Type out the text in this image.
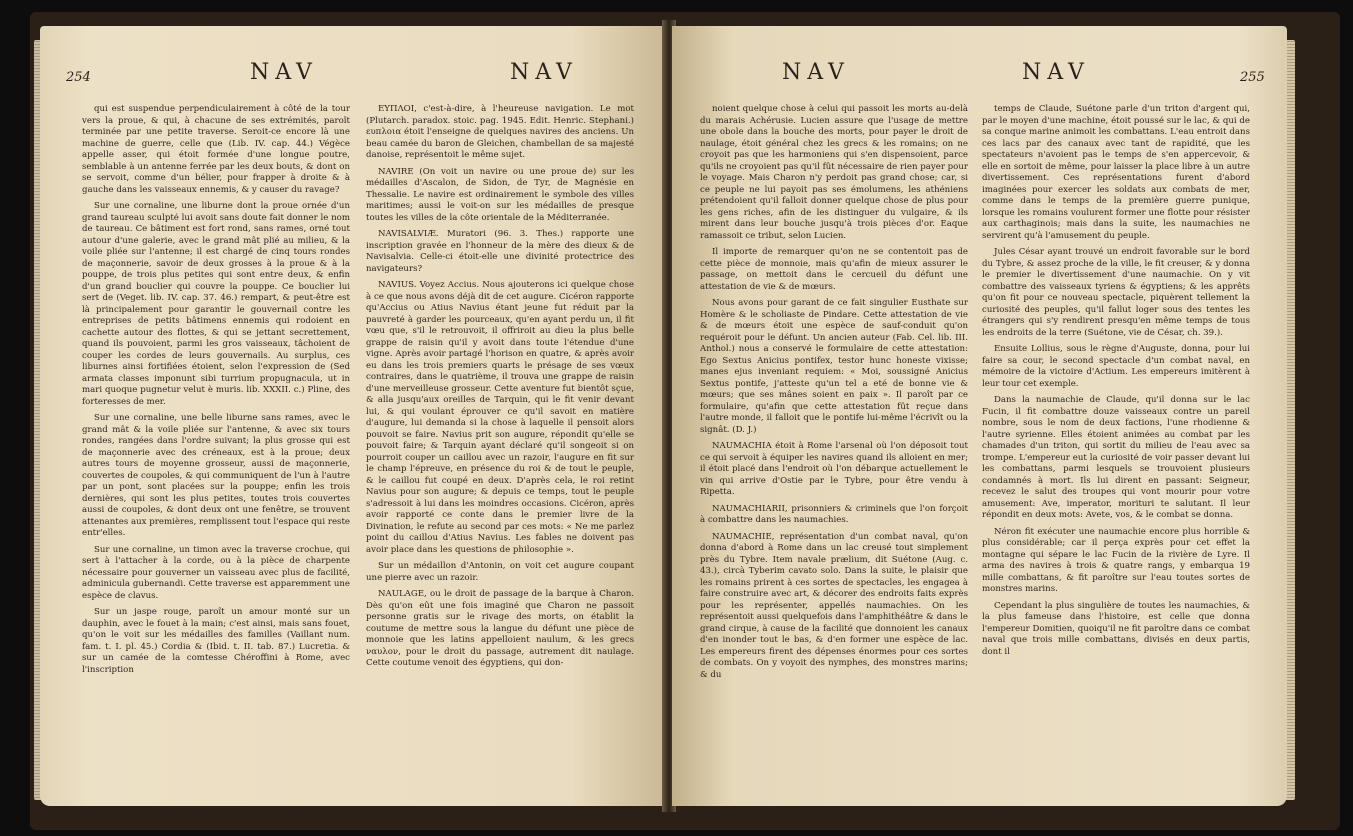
254	NAV	NAV

qui est suspendue perpendiculairement à côté de la tour vers la proue, & qui, à chacune de ses extrémités, paroît terminée par une petite traverse. Seroit-ce encore là une machine de guerre, celle que (Lib. IV. cap. 44.) Végèce appelle asser, qui étoit formée d'une longue poutre, semblable à un antenne ferrée par les deux bouts, & dont on se servoit, comme d'un bélier, pour frapper à droite & à gauche dans les vaisseaux ennemis, & y causer du ravage?

Sur une cornaline, une liburne dont la proue ornée d'un grand taureau sculpté lui avoit sans doute fait donner le nom de taureau. Ce bâtiment est fort rond, sans rames, orné tout autour d'une galerie, avec le grand mât plié au milieu, & la voile pliée sur l'antenne; il est chargé de cinq tours rondes de maçonnerie, savoir de deux grosses à la proue & à la pouppe, de trois plus petites qui sont entre deux, & enfin d'un grand bouclier qui couvre la pouppe. Ce bouclier lui sert de (Veget. lib. IV. cap. 37. 46.) rempart, & peut-être est là principalement pour garantir le gouvernail contre les entreprises de petits bâtimens ennemis qui rodoient en cachette autour des flottes, & qui se jettant secrettement, quand ils pouvoient, parmi les gros vaisseaux, tâchoient de couper les cordes de leurs gouvernails. Au surplus, ces liburnes ainsi fortifiées étoient, selon l'expression de (Sed armata classes imponunt sibi turrium propugnacula, ut in mari quoque pugnetur velut è muris. lib. XXXII. c.) Pline, des forteresses de mer.

Sur une cornaline, une belle liburne sans rames, avec le grand mât & la voile pliée sur l'antenne, & avec six tours rondes, rangées dans l'ordre suivant; la plus grosse qui est de maçonnerie avec des créneaux, est à la proue; deux autres tours de moyenne grosseur, aussi de maçonnerie, couvertes de coupoles, & qui communiquent de l'un à l'autre par un pont, sont placées sur la pouppe; enfin les trois dernières, qui sont les plus petites, toutes trois couvertes aussi de coupoles, & dont deux ont une fenêtre, se trouvent attenantes aux premières, remplissent tout l'espace qui reste entr'elles.

Sur une cornaline, un timon avec la traverse crochue, qui sert à l'attacher à la corde, ou à la pièce de charpente nécessaire pour gouverner un vaisseau avec plus de facilité, adminicula gubernandi. Cette traverse est apparemment une espèce de clavus.

Sur un jaspe rouge, paroît un amour monté sur un dauphin, avec le fouet à la main; c'est ainsi, mais sans fouet, qu'on le voit sur les médailles des familles (Vaillant num. fam. t. I. pl. 45.) Cordia & (Ibid. t. II. tab. 87.) Lucretia. & sur un camée de la comtesse Chéroffini à Rome, avec l'inscription

ΕΥΠΛΟΙ, c'est-à-dire, à l'heureuse navigation. Le mot (Plutarch. paradox. stoic. pag. 1945. Edit. Henric. Stephani.) ευπλοια étoit l'enseigne de quelques navires des anciens. Un beau camée du baron de Gleichen, chambellan de sa majesté danoise, représentoit le même sujet.

NAVIRE (On voit un navire ou une proue de) sur les médailles d'Ascalon, de Sidon, de Tyr, de Magnésie en Thessalie. Le navire est ordinairement le symbole des villes maritimes; aussi le voit-on sur les médailles de presque toutes les villes de la côte orientale de la Méditerranée.

NAVISALVIÆ. Muratori (96. 3. Thes.) rapporte une inscription gravée en l'honneur de la mère des dieux & de Navisalvia. Celle-ci étoit-elle une divinité protectrice des navigateurs?

NAVIUS. Voyez Accius. Nous ajouterons ici quelque chose à ce que nous avons déjà dit de cet augure. Cicéron rapporte qu'Accius ou Atius Navius étant jeune fut réduit par la pauvreté à garder les pourceaux, qu'en ayant perdu un, il fit vœu que, s'il le retrouvoit, il offriroit au dieu la plus belle grappe de raisin qu'il y avoit dans toute l'étendue d'une vigne. Après avoir partagé l'horison en quatre, & après avoir eu dans les trois premiers quarts le présage de ses vœux contraires, dans le quatrième, il trouva une grappe de raisin d'une merveilleuse grosseur. Cette aventure fut bientôt sçue, & alla jusqu'aux oreilles de Tarquin, qui le fit venir devant lui, & qui voulant éprouver ce qu'il savoit en matière d'augure, lui demanda si la chose à laquelle il pensoit alors pouvoit se faire. Navius prit son augure, répondit qu'elle se pouvoit faire; & Tarquin ayant déclaré qu'il songeoit si on pourroit couper un caillou avec un razoir, l'augure en fit sur le champ l'épreuve, en présence du roi & de tout le peuple, & le caillou fut coupé en deux. D'après cela, le roi retint Navius pour son augure; & depuis ce temps, tout le peuple s'adressoit à lui dans les moindres occasions. Cicéron, après avoir rapporté ce conte dans le premier livre de la Divination, le refute au second par ces mots: « Ne me parlez point du caillou d'Atius Navius. Les fables ne doivent pas avoir place dans les questions de philosophie ».

Sur un médaillon d'Antonin, on voit cet augure coupant une pierre avec un razoir.

NAULAGE, ou le droit de passage de la barque à Charon. Dès qu'on eût une fois imaginé que Charon ne passoit personne gratis sur le rivage des morts, on établit la coutume de mettre sous la langue du défunt une pièce de monnoie que les latins appelloient naulum, & les grecs ναυλον, pour le droit du passage, autrement dit naulage. Cette coutume venoit des égyptiens, qui don-

NAV	NAV	255

noient quelque chose à celui qui passoit les morts au-delà du marais Achérusie. Lucien assure que l'usage de mettre une obole dans la bouche des morts, pour payer le droit de naulage, étoit général chez les grecs & les romains; on ne croyoit pas que les harmoniens qui s'en dispensoient, parce qu'ils ne croyoient pas qu'il fût nécessaire de rien payer pour le voyage. Mais Charon n'y perdoit pas grand chose; car, si ce peuple ne lui payoit pas ses émolumens, les athéniens prétendoient qu'il falloit donner quelque chose de plus pour les gens riches, afin de les distinguer du vulgaire, & ils mirent dans leur bouche jusqu'à trois pièces d'or. Eaque ramassoit ce tribut, selon Lucien.

Il importe de remarquer qu'on ne se contentoit pas de cette pièce de monnoie, mais qu'afin de mieux assurer le passage, on mettoit dans le cercueil du défunt une attestation de vie & de mœurs.

Nous avons pour garant de ce fait singulier Eusthate sur Homère & le scholiaste de Pindare. Cette attestation de vie & de mœurs étoit une espèce de sauf-conduit qu'on requéroit pour le défunt. Un ancien auteur (Fab. Cel. lib. III. Anthol.) nous a conservé le formulaire de cette attestation: Ego Sextus Anicius pontifex, testor hunc honeste vixisse; manes ejus inveniant requiem: « Moi, soussigné Anicius Sextus pontife, j'atteste qu'un tel a eté de bonne vie & mœurs; que ses mânes soient en paix ». Il paroît par ce formulaire, qu'afin que cette attestation fût reçue dans l'autre monde, il falloit que le pontife lui-même l'écrivît ou la signât. (D. J.)

NAUMACHIA étoit à Rome l'arsenal où l'on déposoit tout ce qui servoit à équiper les navires quand ils alloient en mer; il étoit placé dans l'endroit où l'on débarque actuellement le vin qui arrive d'Ostie par le Tybre, pour être vendu à Ripetta.

NAUMACHIARII, prisonniers & criminels que l'on forçoit à combattre dans les naumachies.

NAUMACHIE, représentation d'un combat naval, qu'on donna d'abord à Rome dans un lac creusé tout simplement près du Tybre. Item navale prælium, dit Suétone (Aug. c. 43.), circà Tyberim cavato solo. Dans la suite, le plaisir que les romains prirent à ces sortes de spectacles, les engagea à faire construire avec art, & décorer des endroits faits exprès pour les représenter, appellés naumachies. On les représentoit aussi quelquefois dans l'amphithéâtre & dans le grand cirque, à cause de la facilité que donnoient les canaux d'en inonder tout le bas, & d'en former une espèce de lac. Les empereurs firent des dépenses énormes pour ces sortes de combats. On y voyoit des nymphes, des monstres marins; & du

temps de Claude, Suétone parle d'un triton d'argent qui, par le moyen d'une machine, étoit poussé sur le lac, & qui de sa conque marine animoit les combattans. L'eau entroit dans ces lacs par des canaux avec tant de rapidité, que les spectateurs n'avoient pas le temps de s'en appercevoir, & elle en sortoit de même, pour laisser la place libre à un autre divertissement. Ces représentations furent d'abord imaginées pour exercer les soldats aux combats de mer, comme dans le temps de la première guerre punique, lorsque les romains voulurent former une flotte pour résister aux carthaginois; mais dans la suite, les naumachies ne servirent qu'à l'amusement du peuple.

Jules César ayant trouvé un endroit favorable sur le bord du Tybre, & assez proche de la ville, le fit creuser, & y donna le premier le divertissement d'une naumachie. On y vit combattre des vaisseaux tyriens & égyptiens; & les apprêts qu'on fit pour ce nouveau spectacle, piquèrent tellement la curiosité des peuples, qu'il fallut loger sous des tentes les étrangers qui s'y rendirent presqu'en même temps de tous les endroits de la terre (Suétone, vie de César, ch. 39.).

Ensuite Lollius, sous le règne d'Auguste, donna, pour lui faire sa cour, le second spectacle d'un combat naval, en mémoire de la victoire d'Actium. Les empereurs imitèrent à leur tour cet exemple.

Dans la naumachie de Claude, qu'il donna sur le lac Fucin, il fit combattre douze vaisseaux contre un pareil nombre, sous le nom de deux factions, l'une rhodienne & l'autre syrienne. Elles étoient animées au combat par les chamades d'un triton, qui sortit du milieu de l'eau avec sa trompe. L'empereur eut la curiosité de voir passer devant lui les combattans, parmi lesquels se trouvoient plusieurs condamnés à mort. Ils lui dirent en passant: Seigneur, recevez le salut des troupes qui vont mourir pour votre amusement: Ave, imperator, morituri te salutant. Il leur répondit en deux mots: Avete, vos, & le combat se donna.

Néron fit exécuter une naumachie encore plus horrible & plus considérable; car il perça exprès pour cet effet la montagne qui sépare le lac Fucin de la rivière de Lyre. Il arma des navires à trois & quatre rangs, y embarqua 19 mille combattans, & fit paroître sur l'eau toutes sortes de monstres marins.

Cependant la plus singulière de toutes les naumachies, & la plus fameuse dans l'histoire, est celle que donna l'empereur Domitien, quoiqu'il ne fit paroître dans ce combat naval que trois mille combattans, divisés en deux partis, dont il
